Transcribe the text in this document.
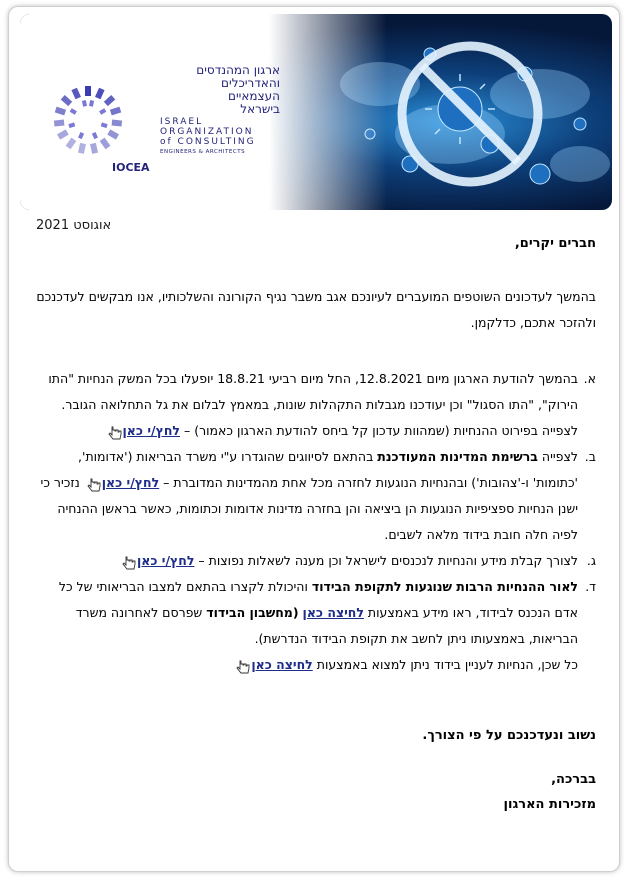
ארגון המהנדסים
והאדריכלים
העצמאיים
בישראל
ISRAEL
ORGANIZATION
of CONSULTING
ENGINEERS & ARCHITECTS
IOCEA
אוגוסט 2021
חברים יקרים,
בהמשך לעדכונים השוטפים המועברים לעיונכם אגב משבר נגיף הקורונה והשלכותיו, אנו מבקשים לעדכנכם ולהזכר אתכם, כדלקמן.
א.
בהמשך להודעת הארגון מיום 12.8.2021, החל מיום רביעי 18.8.21 יופעלו בכל המשק הנחיות "התו הירוק", "התו הסגול" וכן יעודכנו מגבלות התקהלות שונות, במאמץ לבלום את גל התחלואה הגובר. לצפייה בפירוט ההנחיות (שמהוות עדכון קל ביחס להודעת הארגון כאמור) – לחץ/י כאן
ב.
לצפייה ברשימת המדינות המעודכנת בהתאם לסיווגים שהוגדרו ע"י משרד הבריאות ('אדומות', 'כתומות' ו-'צהובות') ובהנחיות הנוגעות לחזרה מכל אחת מהמדינות המדוברת – לחץ/י כאן נזכיר כי ישנן הנחיות ספציפיות הנוגעות הן ביציאה והן בחזרה מדינות אדומות וכתומות, כאשר בראשן ההנחיה לפיה חלה חובת בידוד מלאה לשבים.
ג.
לצורך קבלת מידע והנחיות לנכנסים לישראל וכן מענה לשאלות נפוצות – לחץ/י כאן
ד.
לאור ההנחיות הרבות שנוגעות לתקופת הבידוד והיכולת לקצרו בהתאם למצבו הבריאותי של כל אדם הנכנס לבידוד, ראו מידע באמצעות לחיצה כאן (מחשבון הבידוד שפרסם לאחרונה משרד הבריאות, באמצעותו ניתן לחשב את תקופת הבידוד הנדרשת).
כל שכן, הנחיות לעניין בידוד ניתן למצוא באמצעות לחיצה כאן
נשוב ונעדכנכם על פי הצורך.
בברכה,
מזכירות הארגון
